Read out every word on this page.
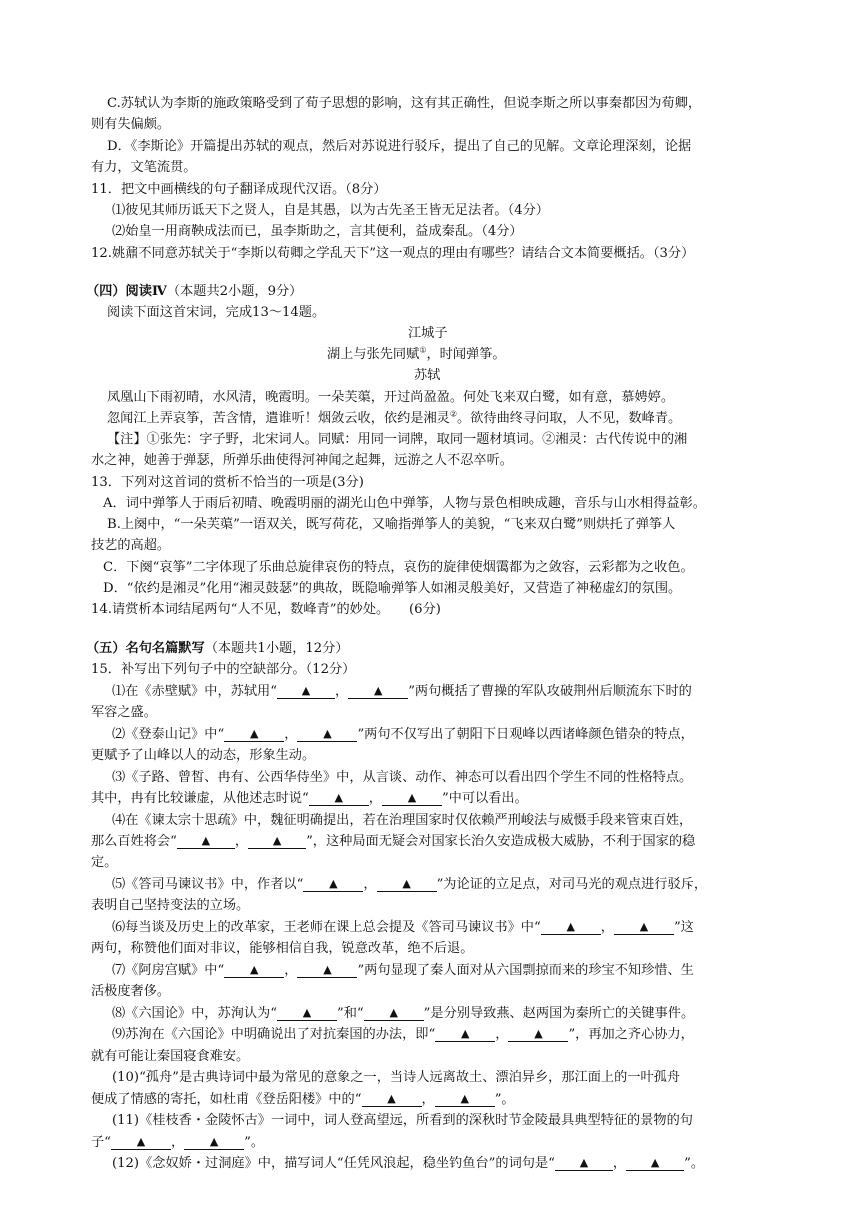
C.苏轼认为李斯的施政策略受到了荀子思想的影响，这有其正确性，但说李斯之所以事秦都因为荀卿，
则有失偏颇。
D．《李斯论》开篇提出苏轼的观点，然后对苏说进行驳斥，提出了自己的见解。文章论理深刻，论据
有力，文笔流贯。
11．把文中画横线的句子翻译成现代汉语。（8分）
⑴彼见其师历诋天下之贤人，自是其愚，以为古先圣王皆无足法者。（4分）
⑵始皇一用商鞅成法而已，虽李斯助之，言其便利，益成秦乱。（4分）
12.姚鼐不同意苏轼关于“李斯以荀卿之学乱天下”这一观点的理由有哪些？请结合文本简要概括。（3分）
（四）阅读Ⅳ（本题共2小题，9分）
阅读下面这首宋词，完成13～14题。
江城子
湖上与张先同赋①，时闻弹筝。
苏轼
凤凰山下雨初晴，水风清，晚霞明。一朵芙蕖，开过尚盈盈。何处飞来双白鹭，如有意，慕娉婷。
忽闻江上弄哀筝，苦含情，遣谁听！烟敛云收，依约是湘灵②。欲待曲终寻问取，人不见，数峰青。
【注】①张先：字子野，北宋词人。同赋：用同一词牌，取同一题材填词。②湘灵：古代传说中的湘
水之神，她善于弹瑟，所弹乐曲使得河神闻之起舞，远游之人不忍卒听。
13．下列对这首词的赏析不恰当的一项是(3分)
A．词中弹筝人于雨后初晴、晚霞明丽的湖光山色中弹筝，人物与景色相映成趣，音乐与山水相得益彰。
B.上阕中，“一朵芙蕖”一语双关，既写荷花，又喻指弹筝人的美貌，“飞来双白鹭”则烘托了弹筝人
技艺的高超。
C．下阕“哀筝”二字体现了乐曲总旋律哀伤的特点，哀伤的旋律使烟霭都为之敛容，云彩都为之收色。
D．“依约是湘灵”化用“湘灵鼓瑟”的典故，既隐喻弹筝人如湘灵般美好，又营造了神秘虚幻的氛围。
14.请赏析本词结尾两句“人不见，数峰青”的妙处。　　(6分)
（五）名句名篇默写（本题共1小题，12分）
15．补写出下列句子中的空缺部分。（12分）
⑴在《赤壁赋》中，苏轼用“ ▲ ， ▲ ”两句概括了曹操的军队攻破荆州后顺流东下时的
军容之盛。
⑵《登泰山记》中“ ▲ ， ▲ ”两句不仅写出了朝阳下日观峰以西诸峰颜色错杂的特点，
更赋予了山峰以人的动态，形象生动。
⑶《子路、曾皙、冉有、公西华侍坐》中，从言谈、动作、神态可以看出四个学生不同的性格特点。
其中，冉有比较谦虚，从他述志时说“ ▲ ， ▲ ”中可以看出。
⑷在《谏太宗十思疏》中，魏征明确提出，若在治理国家时仅依赖严刑峻法与威慑手段来管束百姓，
那么百姓将会“ ▲ ， ▲ ”，这种局面无疑会对国家长治久安造成极大威胁，不利于国家的稳
定。
⑸《答司马谏议书》中，作者以“ ▲ ， ▲ ”为论证的立足点，对司马光的观点进行驳斥，
表明自己坚持变法的立场。
⑹每当谈及历史上的改革家，王老师在课上总会提及《答司马谏议书》中“ ▲ ， ▲ ”这
两句，称赞他们面对非议，能够相信自我，锐意改革，绝不后退。
⑺《阿房宫赋》中“ ▲ ， ▲ ”两句显现了秦人面对从六国剽掠而来的珍宝不知珍惜、生
活极度奢侈。
⑻《六国论》中，苏洵认为“ ▲ ”和“ ▲ ”是分别导致燕、赵两国为秦所亡的关键事件。
⑼苏洵在《六国论》中明确说出了对抗秦国的办法，即“ ▲ ， ▲ ”，再加之齐心协力，
就有可能让秦国寝食难安。
(10)“孤舟”是古典诗词中最为常见的意象之一，当诗人远离故土、漂泊异乡，那江面上的一叶孤舟
便成了情感的寄托，如杜甫《登岳阳楼》中的“ ▲ ， ▲ ”。
(11)《桂枝香・金陵怀古》一词中，词人登高望远，所看到的深秋时节金陵最具典型特征的景物的句
子“ ▲ ， ▲ ”。
(12)《念奴娇・过洞庭》中，描写词人“任凭风浪起，稳坐钓鱼台”的词句是“ ▲ ， ▲ ”。
